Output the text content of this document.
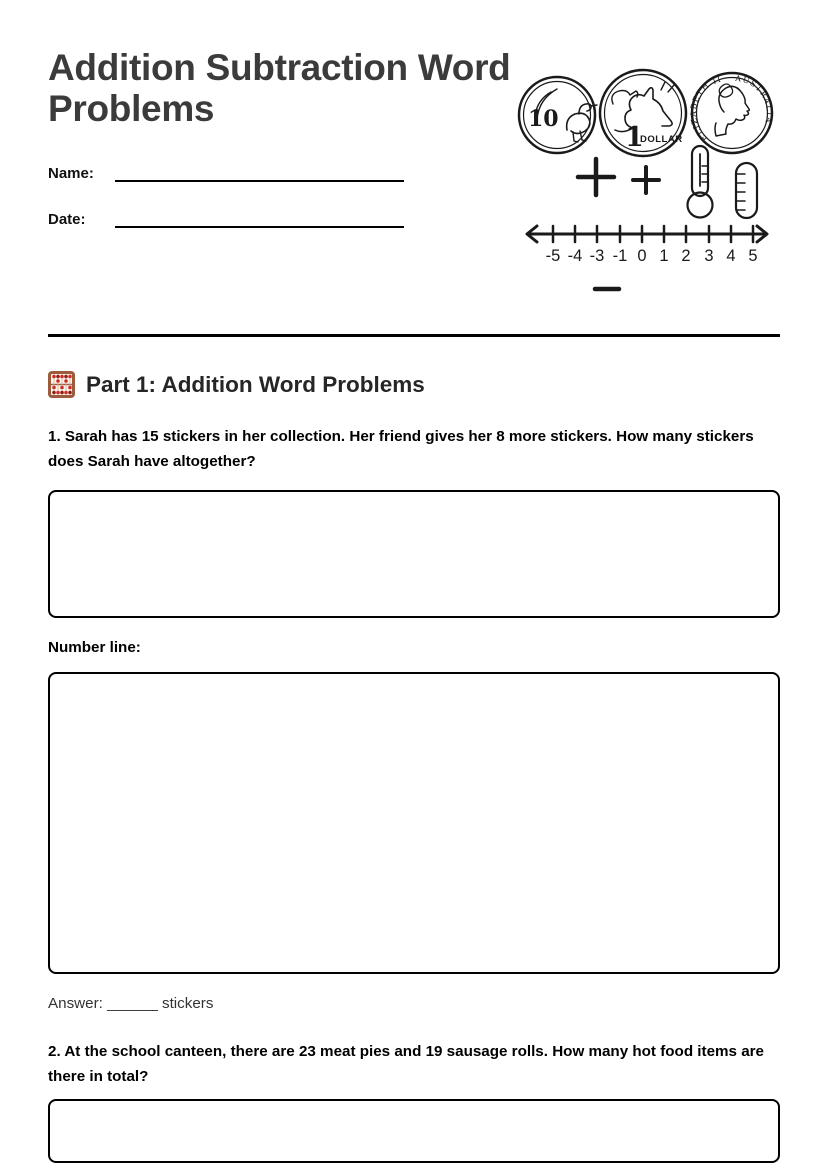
Addition Subtraction Word Problems
Name:
Date:
Part 1: Addition Word Problems

1. Sarah has 15 stickers in her collection. Her friend gives her 8 more stickers. How many stickers does Sarah have altogether?

Number line:

Answer: ______ stickers

2. At the school canteen, there are 23 meat pies and 19 sausage rolls. How many hot food items are there in total?

10
1
DOLLAR	ELIZABETH II AUSTRALIA
-5 -4 -3 -1 0 1 2 3 4 5
